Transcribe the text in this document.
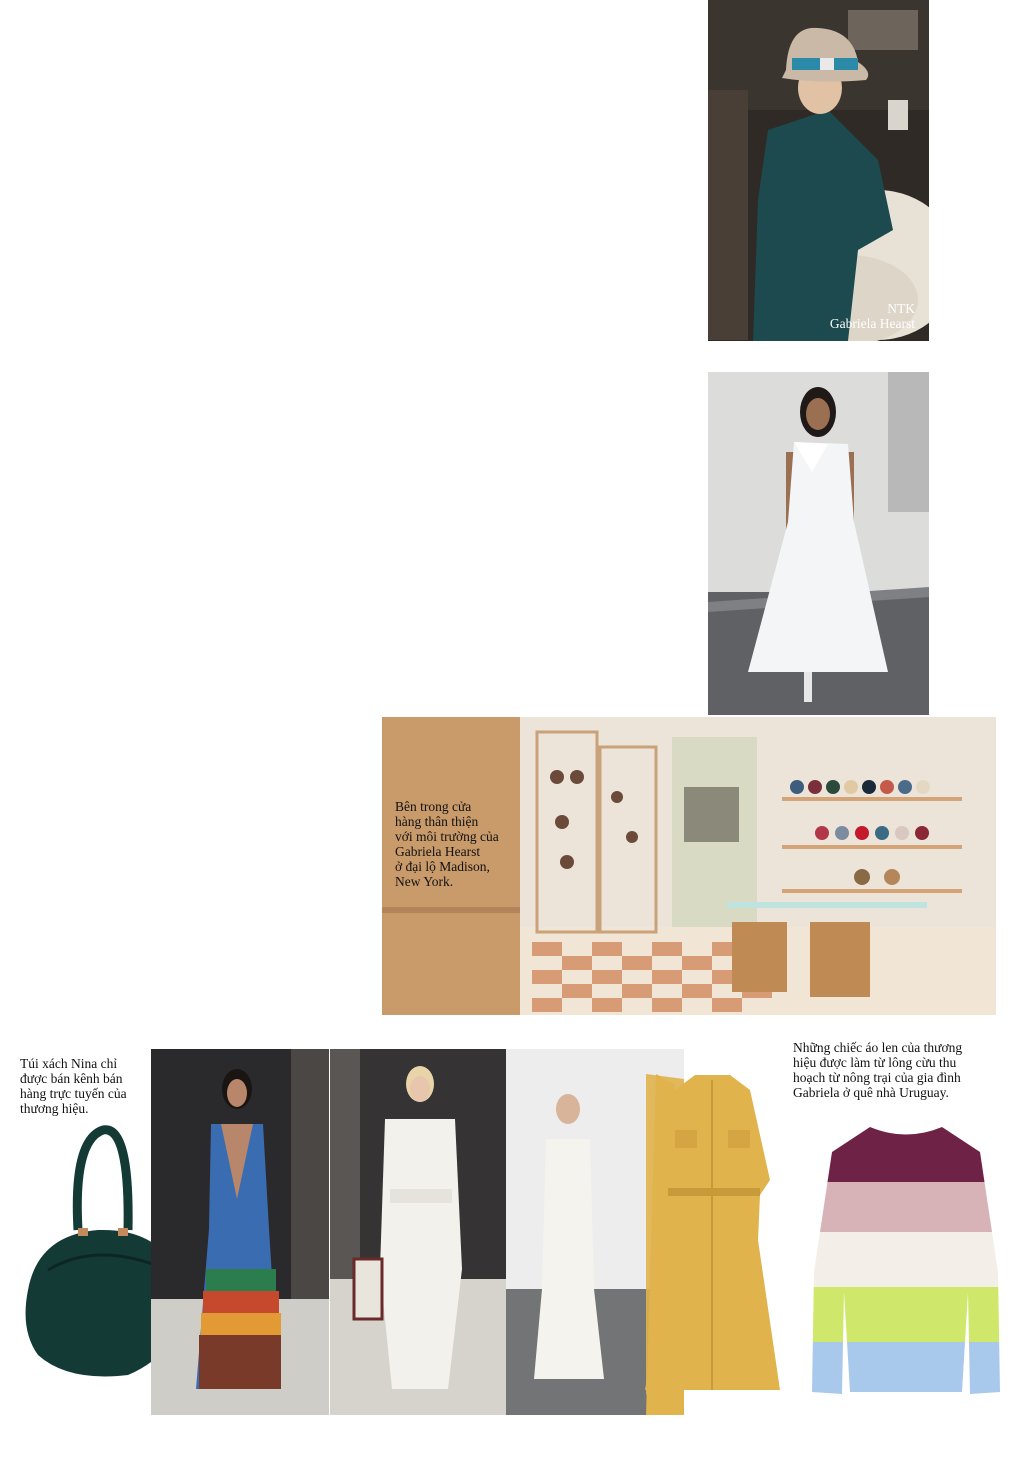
NTK
Gabriela Hearst

Bên trong cửa
hàng thân thiện
với môi trường của
Gabriela Hearst
ở đại lộ Madison,
New York.

Túi xách Nina chỉ
được bán kênh bán
hàng trực tuyến của
thương hiệu.

Những chiếc áo len của thương
hiệu được làm từ lông cừu thu
hoạch từ nông trại của gia đình
Gabriela ở quê nhà Uruguay.
